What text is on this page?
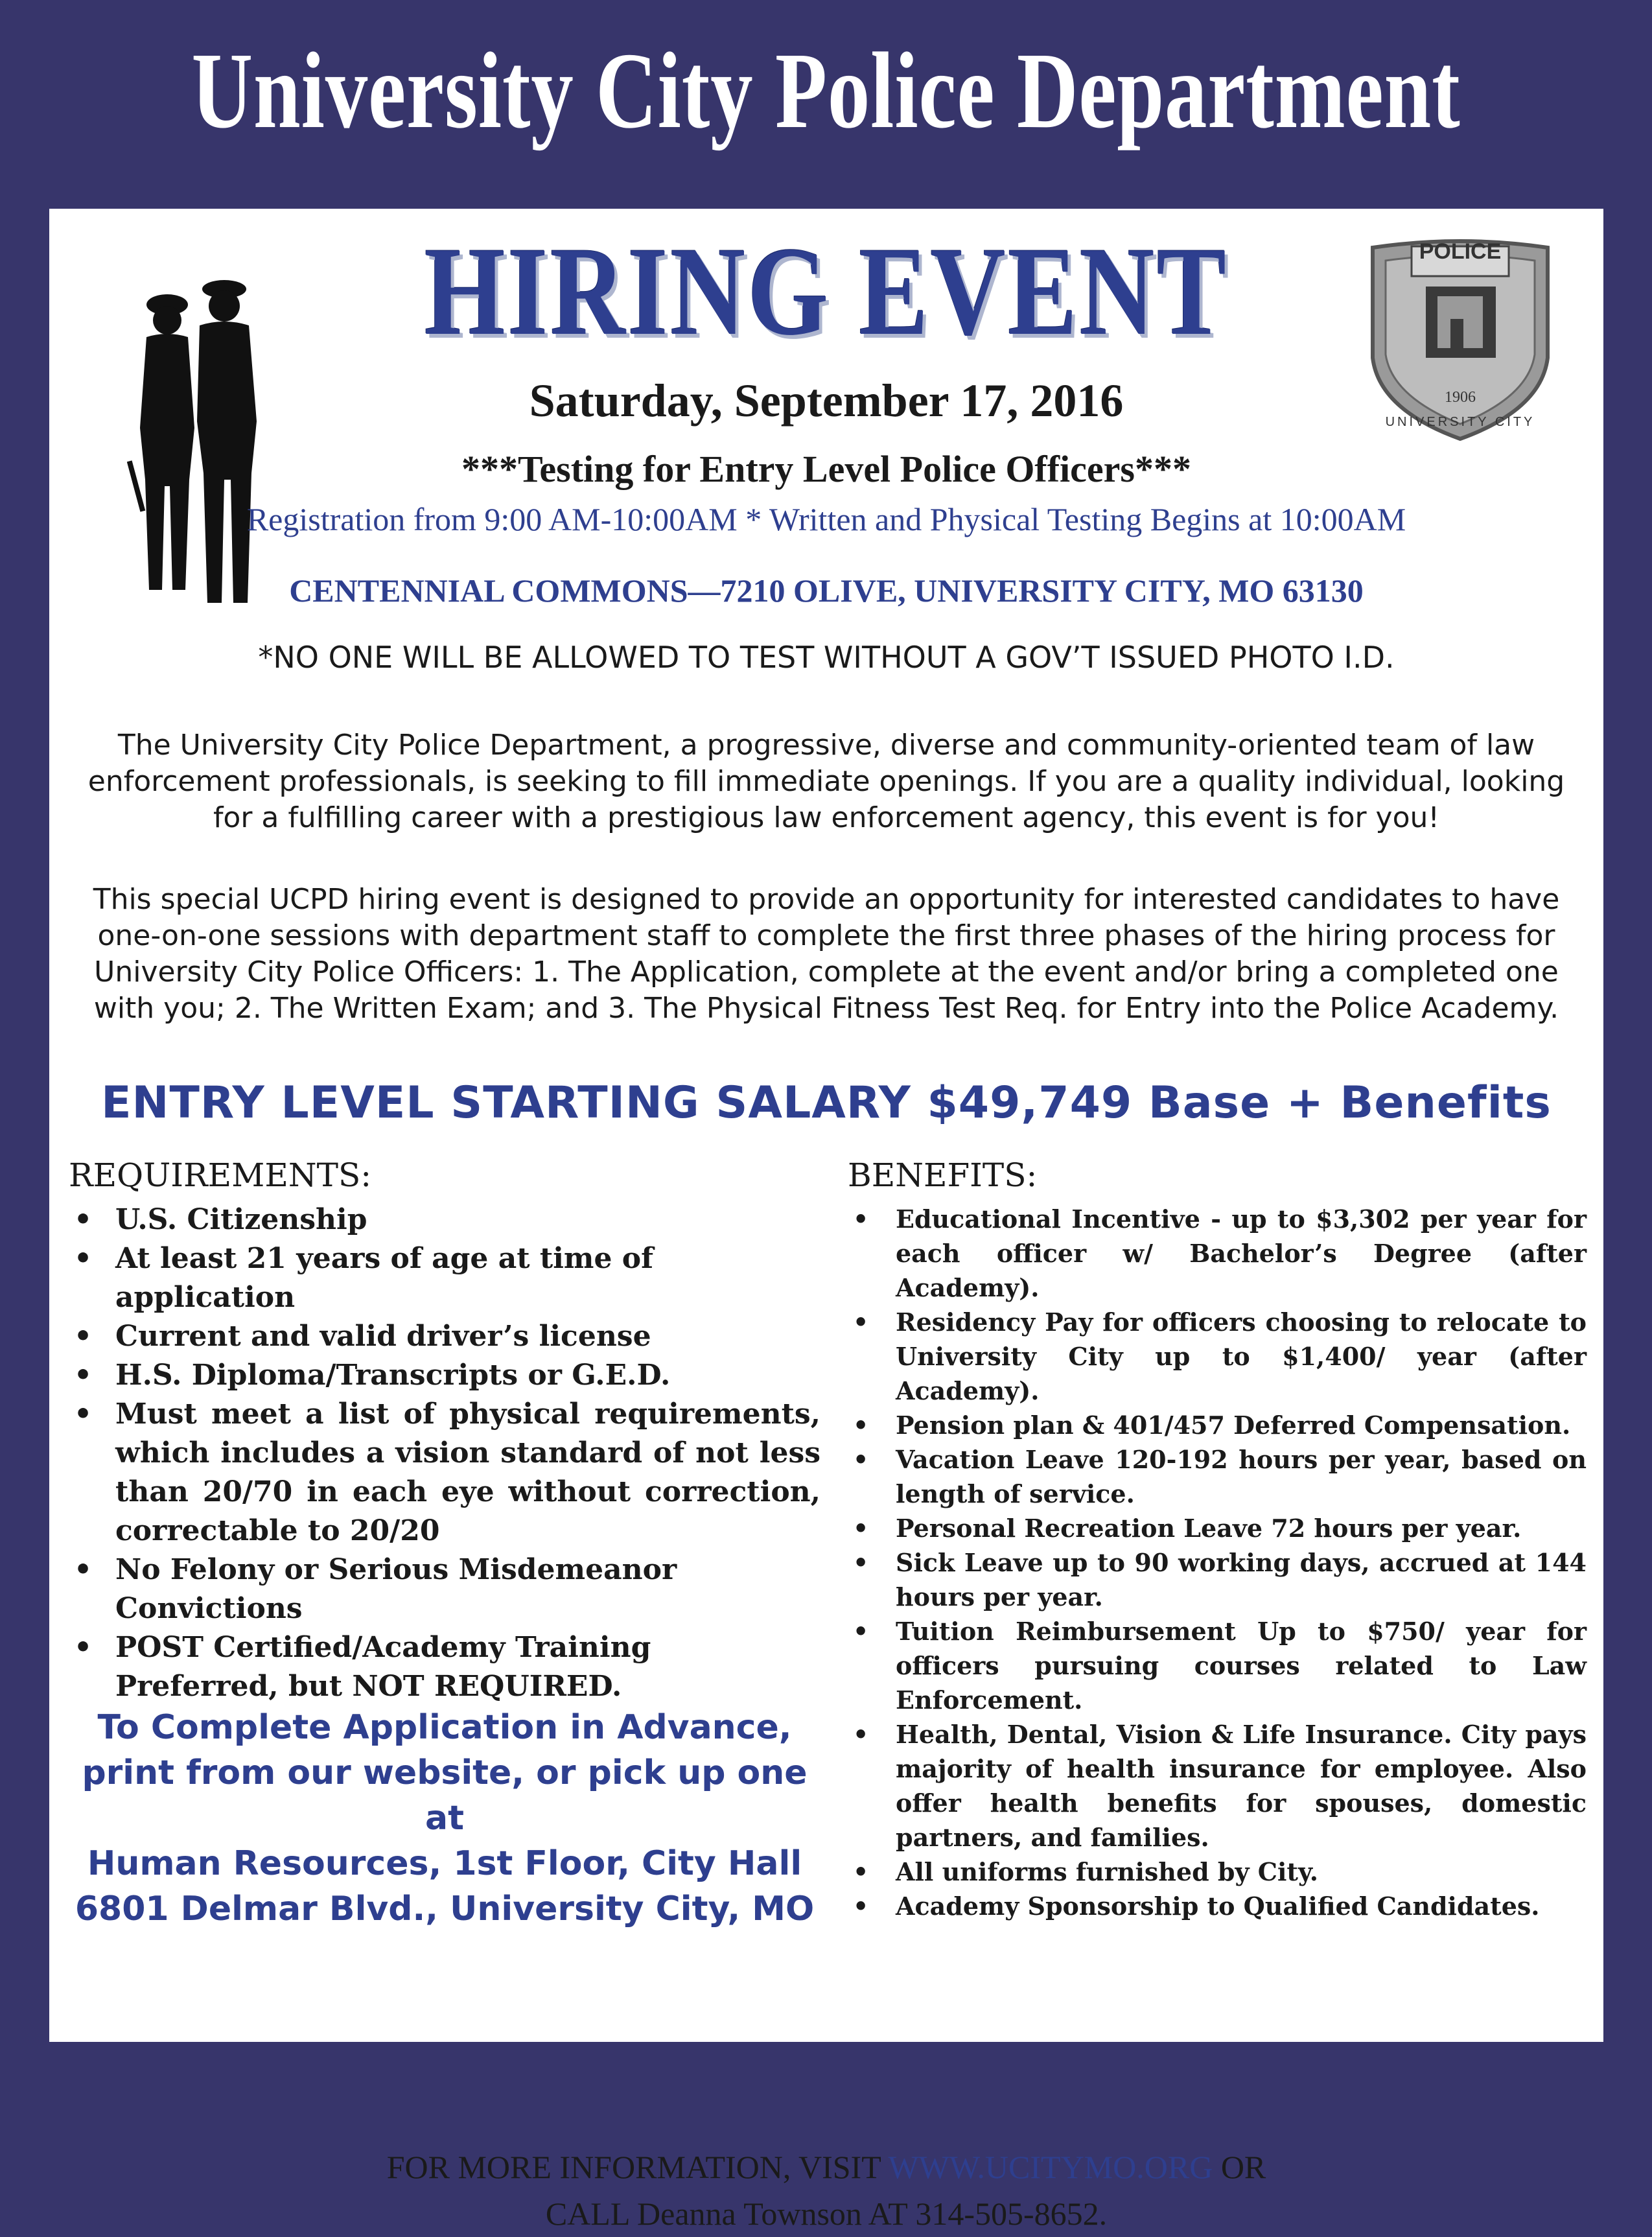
University City Police Department
HIRING EVENT	POLICE
1906
UNIVERSITY CITY
Saturday, September 17, 2016
***Testing for Entry Level Police Officers***
Registration from 9:00 AM-10:00AM * Written and Physical Testing Begins at 10:00AM
CENTENNIAL COMMONS—7210 OLIVE, UNIVERSITY CITY, MO 63130
*NO ONE WILL BE ALLOWED TO TEST WITHOUT A GOV’T ISSUED PHOTO I.D.
The University City Police Department, a progressive, diverse and community-oriented team of law enforcement professionals, is seeking to fill immediate openings. If you are a quality individual, looking for a fulfilling career with a prestigious law enforcement agency, this event is for you!
This special UCPD hiring event is designed to provide an opportunity for interested candidates to have one-on-one sessions with department staff to complete the first three phases of the hiring process for University City Police Officers: 1. The Application, complete at the event and/or bring a completed one with you; 2. The Written Exam; and 3. The Physical Fitness Test Req. for Entry into the Police Academy.
ENTRY LEVEL STARTING SALARY $49,749 Base + Benefits
REQUIREMENTS:	BENEFITS:
• U.S. Citizenship
• At least 21 years of age at time of application
• Current and valid driver’s license
• H.S. Diploma/Transcripts or G.E.D.
• Must meet a list of physical requirements, which includes a vision standard of not less than 20/70 in each eye without correction, correctable to 20/20
• No Felony or Serious Misdemeanor Convictions
• POST Certified/Academy Training Preferred, but NOT REQUIRED.
• Educational Incentive - up to $3,302 per year for each officer w/ Bachelor’s Degree (after Academy).
• Residency Pay for officers choosing to relocate to University City up to $1,400/ year (after Academy).
• Pension plan & 401/457 Deferred Compensation.
• Vacation Leave 120-192 hours per year, based on length of service.
• Personal Recreation Leave 72 hours per year.
• Sick Leave up to 90 working days, accrued at 144 hours per year.
• Tuition Reimbursement Up to $750/ year for officers pursuing courses related to Law Enforcement.
• Health, Dental, Vision & Life Insurance. City pays majority of health insurance for employee. Also offer health benefits for spouses, domestic partners, and families.
• All uniforms furnished by City.
• Academy Sponsorship to Qualified Candidates.
To Complete Application in Advance,
print from our website, or pick up one at
Human Resources, 1st Floor, City Hall
6801 Delmar Blvd., University City, MO
FOR MORE INFORMATION, VISIT WWW.UCITYMO.ORG OR
CALL Deanna Townson AT 314-505-8652.
